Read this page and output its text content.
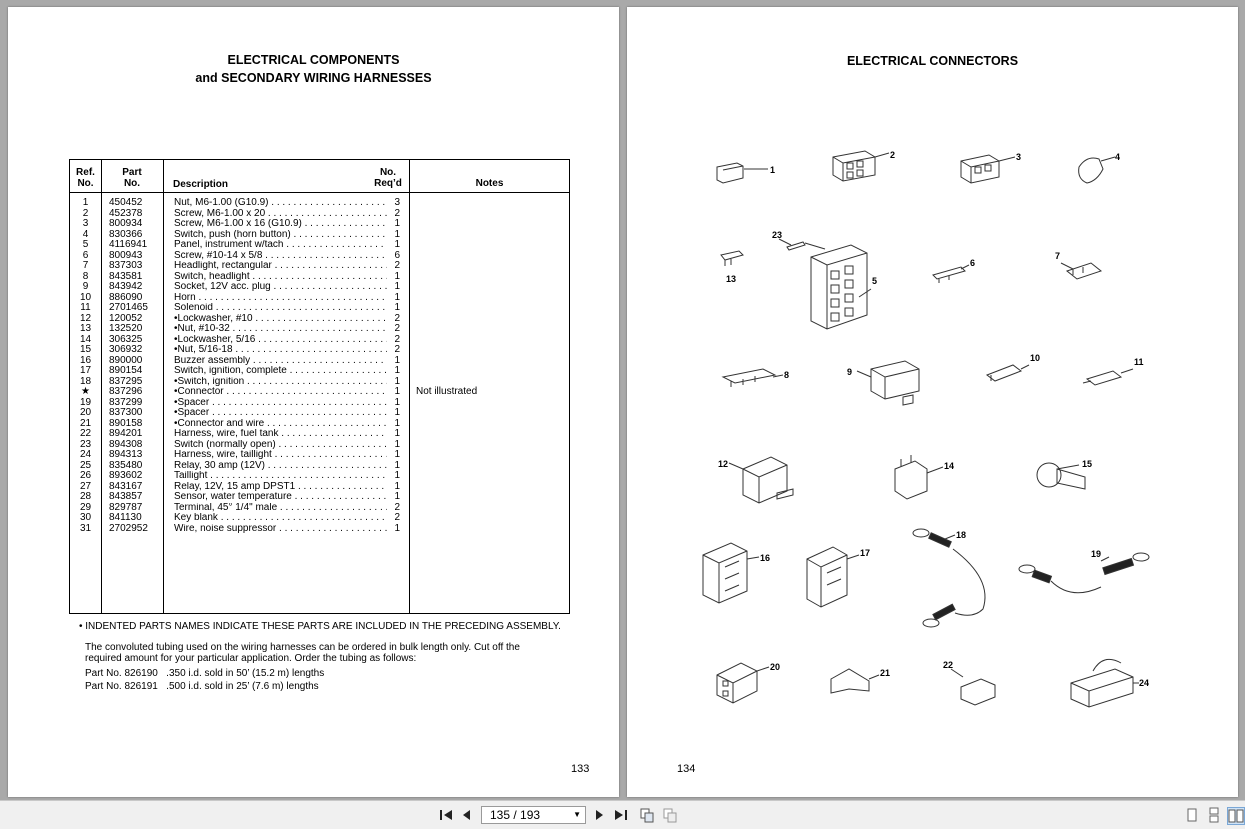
ELECTRICAL COMPONENTS
and SECONDARY WIRING HARNESSES
Ref.
No.
Part
No.	Description
No.
Req’d	Notes
1	450452	Nut, M6-1.00 (G10.9) . . .	3
2	452378	Screw, M6-1.00 x 20 . . .	2
3	800934	Screw, M6-1.00 x 16 (G10.9) . . .	1
4	830366	Switch, push (horn button) . . .	1
5	4116941	Panel, instrument w/tach . . .	1
6	800943	Screw, #10-14 x 5/8 . . .	6
7	837303	Headlight, rectangular . . .	2
8	843581	Switch, headlight . . .	1
9	843942	Socket, 12V acc. plug . . .	1
10	886090	Horn . . .	1
11	2701465	Solenoid . . .	1
12	120052	•Lockwasher, #10 . . .	2
13	132520	•Nut, #10-32 . . .	2
14	306325	•Lockwasher, 5/16 . . .	2
15	306932	•Nut, 5/16-18 . . .	2
16	890000	Buzzer assembly . . .	1
17	890154	Switch, ignition, complete . . .	1
18	837295	•Switch, ignition . . .	1
★	837296	•Connector . . .	1
19	837299	•Spacer . . .	1
20	837300	•Spacer . . .	1
21	890158	•Connector and wire . . .	1
22	894201	Harness, wire, fuel tank . . .	1
23	894308	Switch (normally open) . . .	1
24	894313	Harness, wire, taillight . . .	1
25	835480	Relay, 30 amp (12V) . . .	1
26	893602	Taillight . . .	1
27	843167	Relay, 12V, 15 amp DPST1 . . .	1
28	843857	Sensor, water temperature . . .	1
29	829787	Terminal, 45° 1/4" male . . .	2
30	841130	Key blank . . .	2
31	2702952	Wire, noise suppressor . . .	1
Not illustrated
• INDENTED PARTS NAMES INDICATE THESE PARTS ARE INCLUDED IN THE PRECEDING ASSEMBLY.
The convoluted tubing used on the wiring harnesses can be ordered in bulk length only. Cut off the
required amount for your particular application. Order the tubing as follows:
Part No. 826190   .350 i.d. sold in 50’ (15.2 m) lengths
Part No. 826191   .500 i.d. sold in 25’ (7.6 m) lengths
133
ELECTRICAL CONNECTORS
1
2	3	4
5
6
7
8	9
10	11
12
13
14	15
16	17
18
19
20
21
22
23
24
134
135 / 193	▼
